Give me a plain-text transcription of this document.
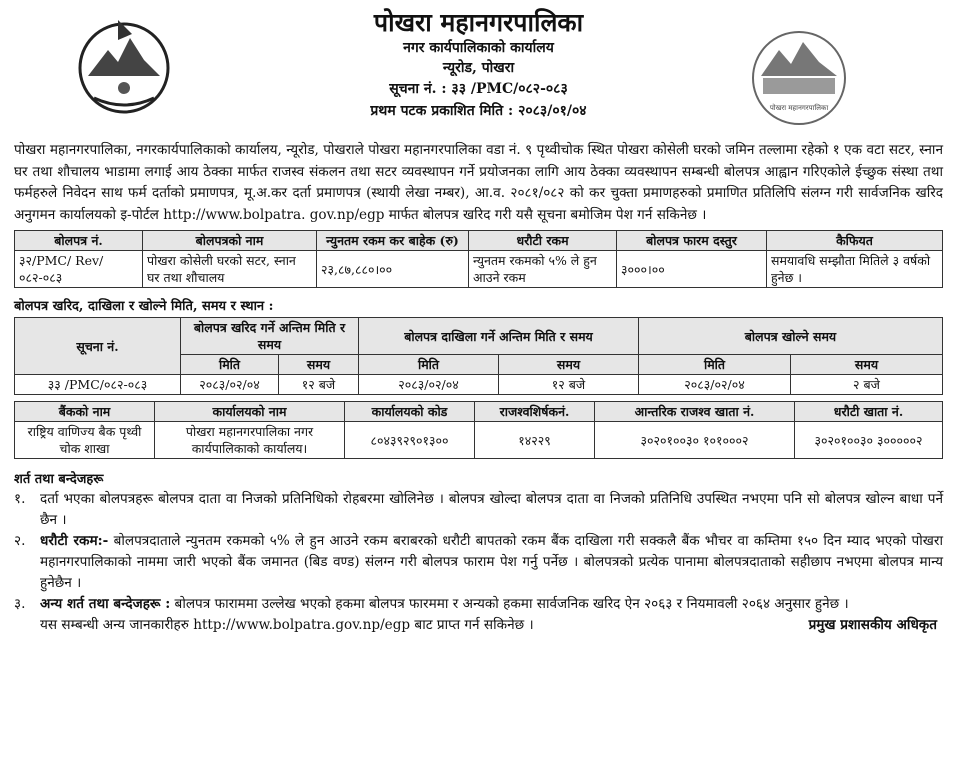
पोखरा महानगरपालिका
नगर कार्यपालिकाको कार्यालय
न्यूरोड, पोखरा
सूचना नं. : ३३ /PMC/०८२-०८३
प्रथम पटक प्रकाशित मिति : २०८३/०१/०४	पोखरा महानगरपालिका

पोखरा महानगरपालिका, नगरकार्यपालिकाको कार्यालय, न्यूरोड, पोखराले पोखरा महानगरपालिका वडा नं. ९ पृथ्वीचोक स्थित पोखरा कोसेली घरको जमिन तल्लामा रहेको १ एक वटा सटर, स्नान घर तथा शौचालय भाडामा लगाई आय ठेक्का मार्फत राजस्व संकलन तथा सटर व्यवस्थापन गर्ने प्रयोजनका लागि आय ठेक्का व्यवस्थापन सम्बन्धी बोलपत्र आह्वान गरिएकोले ईच्छुक संस्था तथा फर्महरुले निवेदन साथ फर्म दर्ताको प्रमाणपत्र, मू.अ.कर दर्ता प्रमाणपत्र (स्थायी लेखा नम्बर), आ.व. २०८१/०८२ को कर चुक्ता प्रमाणहरुको प्रमाणित प्रतिलिपि संलग्न गरी सार्वजनिक खरिद अनुगमन कार्यालयको इ-पोर्टल http://www.bolpatra. gov.np/egp मार्फत बोलपत्र खरिद गरी यसै सूचना बमोजिम पेश गर्न सकिनेछ ।

बोलपत्र नं.	बोलपत्रको नाम	न्युनतम रकम कर बाहेक (रु)	धरौटी रकम	बोलपत्र फारम दस्तुर	कैफियत
३२/PMC/ Rev/०८२-०८३	पोखरा कोसेली घरको सटर, स्नान घर तथा शौचालय	२३,८७,८८०।००	न्युनतम रकमको ५% ले हुन आउने रकम	३०००।००	समयावधि सम्झौता मितिले ३ वर्षको हुनेछ ।
बोलपत्र खरिद, दाखिला र खोल्ने मिति, समय र स्थान :
सूचना नं.	बोलपत्र खरिद गर्ने अन्तिम मिति र समय		बोलपत्र दाखिला गर्ने अन्तिम मिति र समय		बोलपत्र खोल्ने समय	
	मिति	समय	मिति	समय	मिति	समय
३३ /PMC/०८२-०८३	२०८३/०२/०४	१२ बजे	२०८३/०२/०४	१२ बजे	२०८३/०२/०४	२ बजे
बैंकको नाम	कार्यालयको नाम	कार्यालयको कोड	राजश्वशिर्षकनं.	आन्तरिक राजश्व खाता नं.	धरौटी खाता नं.
राष्ट्रिय वाणिज्य बैक पृथ्वी चोक शाखा	पोखरा महानगरपालिका नगर कार्यपालिकाको कार्यालय।	८०४३९२९०१३००	१४२२९	३०२०१००३० १०१०००२	३०२०१००३० ३०००००२
शर्त तथा बन्देजहरू
१.	दर्ता भएका बोलपत्रहरू बोलपत्र दाता वा निजको प्रतिनिधिको रोहबरमा खोलिनेछ । बोलपत्र खोल्दा बोलपत्र दाता वा निजको प्रतिनिधि उपस्थित नभएमा पनि सो बोलपत्र खोल्न बाधा पर्ने छैन ।
२.	धरौटी रकम:- बोलपत्रदाताले न्युनतम रकमको ५% ले हुन आउने रकम बराबरको धरौटी बापतको रकम बैंक दाखिला गरी सक्कलै बैंक भौचर वा कम्तिमा १५० दिन म्याद भएको पोखरा महानगरपालिकाको नाममा जारी भएको बैंक जमानत (बिड वण्ड) संलग्न गरी बोलपत्र फाराम पेश गर्नु पर्नेछ । बोलपत्रको प्रत्येक पानामा बोलपत्रदाताको सहीछाप नभएमा बोलपत्र मान्य हुनेछैन ।
३.	अन्य शर्त तथा बन्देजहरू : बोलपत्र फाराममा उल्लेख भएको हकमा बोलपत्र फारममा र अन्यको हकमा सार्वजनिक खरिद ऐन २०६३ र नियमावली २०६४ अनुसार हुनेछ ।
यस सम्बन्धी अन्य जानकारीहरु http://www.bolpatra.gov.np/egp बाट प्राप्त गर्न सकिनेछ ।	प्रमुख प्रशासकीय अधिकृत
